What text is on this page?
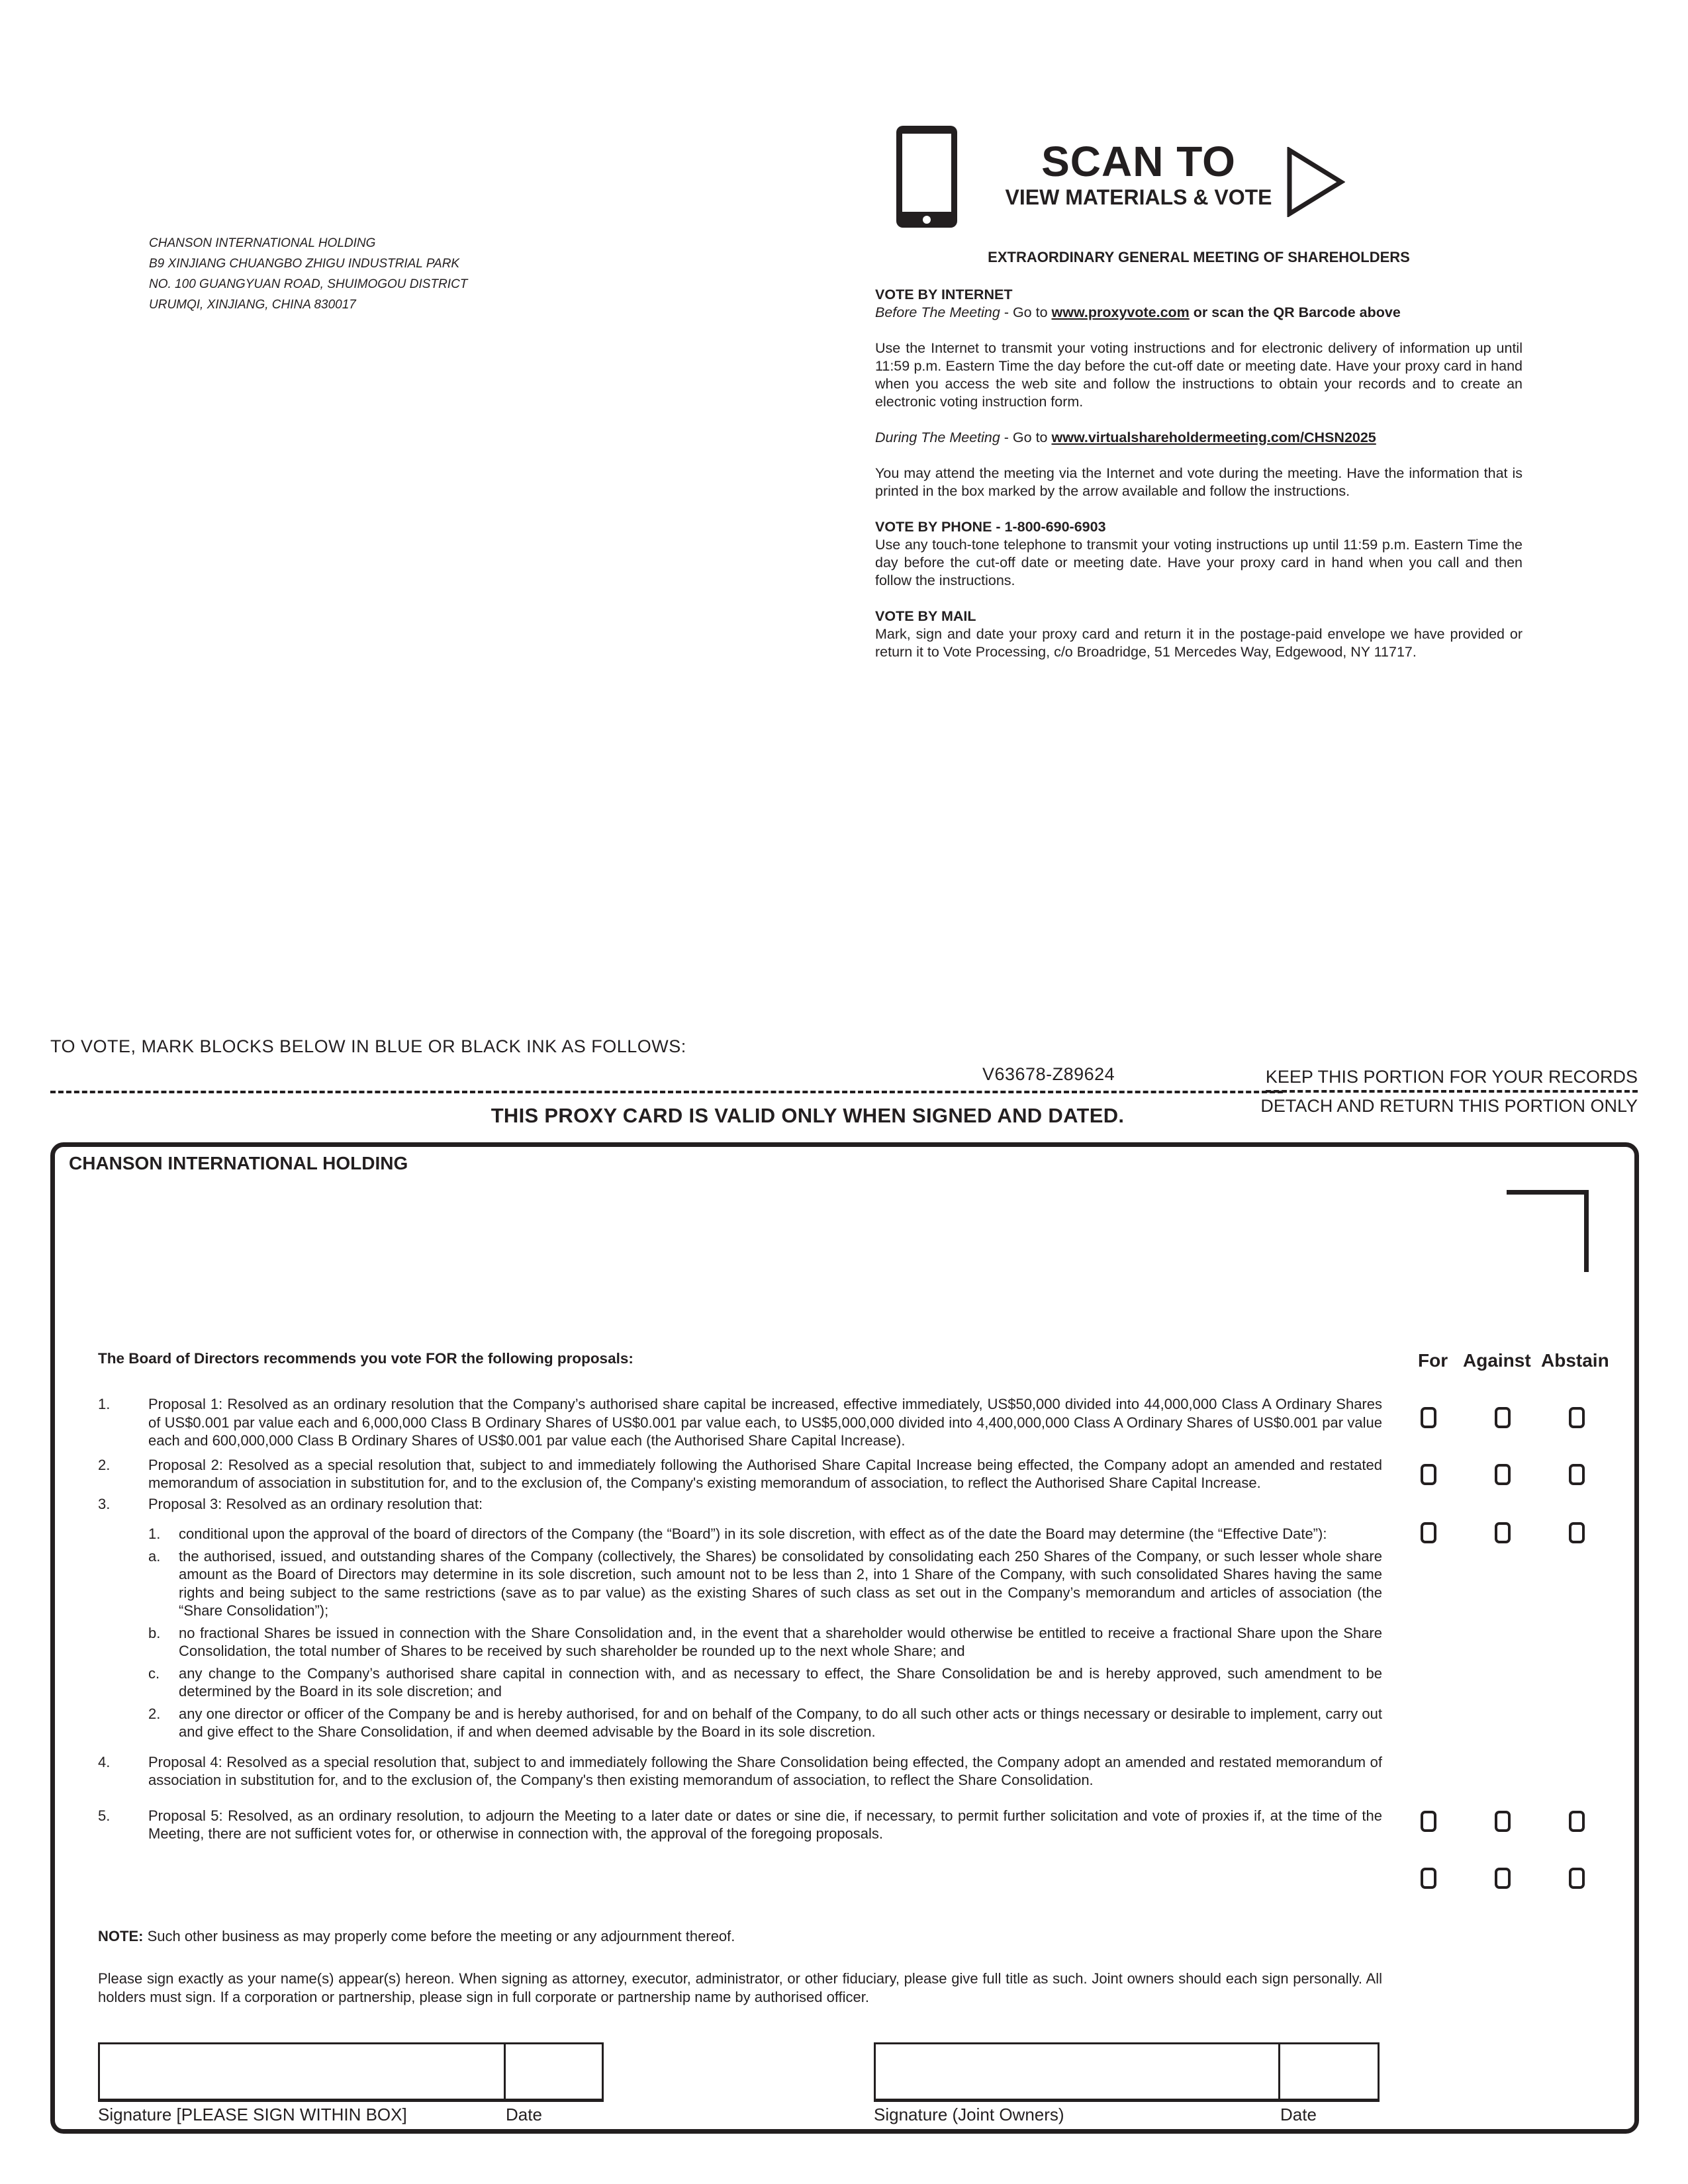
CHANSON INTERNATIONAL HOLDING
B9 XINJIANG CHUANGBO ZHIGU INDUSTRIAL PARK
NO. 100 GUANGYUAN ROAD, SHUIMOGOU DISTRICT
URUMQI, XINJIANG, CHINA 830017
SCAN TO
VIEW MATERIALS & VOTE
EXTRAORDINARY GENERAL MEETING OF SHAREHOLDERS
VOTE BY INTERNET
Before The Meeting - Go to www.proxyvote.com or scan the QR Barcode above
Use the Internet to transmit your voting instructions and for electronic delivery of information up until 11:59 p.m. Eastern Time the day before the cut-off date or meeting date. Have your proxy card in hand when you access the web site and follow the instructions to obtain your records and to create an electronic voting instruction form.
During The Meeting - Go to www.virtualshareholdermeeting.com/CHSN2025
You may attend the meeting via the Internet and vote during the meeting. Have the information that is printed in the box marked by the arrow available and follow the instructions.
VOTE BY PHONE - 1-800-690-6903
Use any touch-tone telephone to transmit your voting instructions up until 11:59 p.m. Eastern Time the day before the cut-off date or meeting date. Have your proxy card in hand when you call and then follow the instructions.
VOTE BY MAIL
Mark, sign and date your proxy card and return it in the postage-paid envelope we have provided or return it to Vote Processing, c/o Broadridge, 51 Mercedes Way, Edgewood, NY 11717.
TO VOTE, MARK BLOCKS BELOW IN BLUE OR BLACK INK AS FOLLOWS:
V63678-Z89624	KEEP THIS PORTION FOR YOUR RECORDS
DETACH AND RETURN THIS PORTION ONLY
THIS PROXY CARD IS VALID ONLY WHEN SIGNED AND DATED.
CHANSON INTERNATIONAL HOLDING
The Board of Directors recommends you vote FOR the following proposals:	For Against Abstain
1.	Proposal 1: Resolved as an ordinary resolution that the Company’s authorised share capital be increased, effective immediately, US$50,000 divided into 44,000,000 Class A Ordinary Shares of US$0.001 par value each and 6,000,000 Class B Ordinary Shares of US$0.001 par value each, to US$5,000,000 divided into 4,400,000,000 Class A Ordinary Shares of US$0.001 par value each and 600,000,000 Class B Ordinary Shares of US$0.001 par value each (the Authorised Share Capital Increase).
2.	Proposal 2: Resolved as a special resolution that, subject to and immediately following the Authorised Share Capital Increase being effected, the Company adopt an amended and restated memorandum of association in substitution for, and to the exclusion of, the Company's existing memorandum of association, to reflect the Authorised Share Capital Increase.
3.	Proposal 3: Resolved as an ordinary resolution that:
1. conditional upon the approval of the board of directors of the Company (the “Board”) in its sole discretion, with effect as of the date the Board may determine (the “Effective Date”):
a. the authorised, issued, and outstanding shares of the Company (collectively, the Shares) be consolidated by consolidating each 250 Shares of the Company, or such lesser whole share amount as the Board of Directors may determine in its sole discretion, such amount not to be less than 2, into 1 Share of the Company, with such consolidated Shares having the same rights and being subject to the same restrictions (save as to par value) as the existing Shares of such class as set out in the Company’s memorandum and articles of association (the “Share Consolidation”);
b. no fractional Shares be issued in connection with the Share Consolidation and, in the event that a shareholder would otherwise be entitled to receive a fractional Share upon the Share Consolidation, the total number of Shares to be received by such shareholder be rounded up to the next whole Share; and
c. any change to the Company’s authorised share capital in connection with, and as necessary to effect, the Share Consolidation be and is hereby approved, such amendment to be determined by the Board in its sole discretion; and
2. any one director or officer of the Company be and is hereby authorised, for and on behalf of the Company, to do all such other acts or things necessary or desirable to implement, carry out and give effect to the Share Consolidation, if and when deemed advisable by the Board in its sole discretion.
4.	Proposal 4: Resolved as a special resolution that, subject to and immediately following the Share Consolidation being effected, the Company adopt an amended and restated memorandum of association in substitution for, and to the exclusion of, the Company's then existing memorandum of association, to reflect the Share Consolidation.
5.	Proposal 5: Resolved, as an ordinary resolution, to adjourn the Meeting to a later date or dates or sine die, if necessary, to permit further solicitation and vote of proxies if, at the time of the Meeting, there are not sufficient votes for, or otherwise in connection with, the approval of the foregoing proposals.
NOTE: Such other business as may properly come before the meeting or any adjournment thereof.
Please sign exactly as your name(s) appear(s) hereon. When signing as attorney, executor, administrator, or other fiduciary, please give full title as such. Joint owners should each sign personally. All holders must sign. If a corporation or partnership, please sign in full corporate or partnership name by authorised officer.
Signature [PLEASE SIGN WITHIN BOX]	Date	Signature (Joint Owners)	Date
